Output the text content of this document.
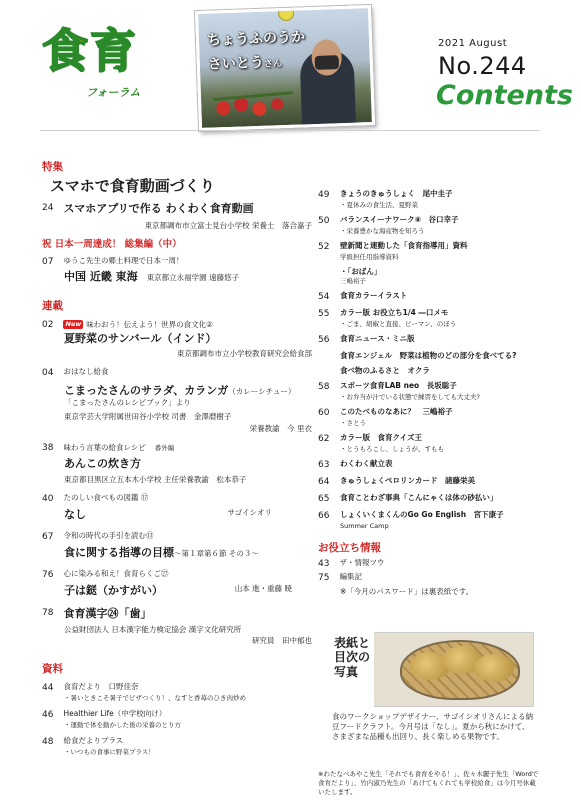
食育
フォーラム
ちょうふのうか
さいとうさん
2021 August
No.244
Contents
特集
スマホで食育動画づくり
24 スマホアプリで作る わくわく食育動画
東京都調布市立富士見台小学校 栄養士　落合嘉子
祝 日本一周達成！ 総集編（中）
07 ゆうこ先生の郷土料理で日本一周！
中国 近畿 東海　 東京都立永福学園 遠藤悠子
連載
02	New 味わおう！伝えよう！世界の食文化②
夏野菜のサンバール（インド）
東京都調布市立小学校教育研究会給食部
04 おはなし給食
こまったさんのサラダ、カランガ（カレーシチュー）
「こまったさんのレシピブック」より
東京学芸大学附属世田谷小学校 司書　金澤磨樹子
栄養教諭　今 里衣
38 味わう言葉の給食レシピ　 番外編
あんこの炊き方
東京都目黒区立五本木小学校 主任栄養教諭　松本恭子
40 たのしい食べもの図鑑 ⑰
なし	サゴイシオリ
67 令和の時代の手引を読む⑬
食に関する指導の目標～第１章第６節 その３～
76 心に染みる和え！食育らくご㉗
子は鎹（かすがい）	山本 進・重藤 暁
78 食育漢字㉔「歯」
公益財団法人 日本漢字能力検定協会 漢字文化研究所
研究員　田中郁也
資料
44 食育だより　口野佳奈
・暑いときこそ暑子でピザつくり！、なすと香苺のひき肉炒め
46 Healthier Life（中学校向け）
・運動で体を動かした後の栄養のとり方
48 給食だよりプラス
・いつもの食事に野菜プラス！
49 きょうのきゅうしょく　尾中圭子
・夏休みの食生活、夏野菜
50 バランスイーナワーク⑧　谷口幸子
・栄養豊かな海産物を知ろう
52 壁新聞と連動した「食育指導用」資料
学級担任用指導資料
・「おばん」
三嶋裕子
54 食育カラーイラスト
55 カラー版 お役立ち1/4 ―口メモ
・ごま、胡椒と直接、ピーマン、のぼう
56 食育ニュース・ミニ版
食育エンジェル　野菜は植物のどの部分を食べてる?
食べ物のふるさと　オクラ
58 スポーツ食育LAB neo　長坂聡子
・お弁当が汁でいる状態で練習をしても大丈夫?
60 このたべものなあに？　三嶋裕子
・さとう
62 カラー版　食育クイズ王
・とうもろこし、しょうが、すもも
63 わくわく献立表
64 きゅうしょくぺロリンカード　諸藤栄美
65 食育ことわざ事典「こんにゃくは体の砂払い」
66 しょくいくまくんのGo Go English　宮下康子
Summer Camp
お役立ち情報
43 ザ・情報ツウ
75 編集記
※「今月のパスワード」は裏表紙です。
表紙と目次の写真
食のワークショップデザイナー、サゴイシオリさんによる納豆フードクラフト。今月号は「なし」。夏から秋にかけて、さまざまな品種も出回り、長く楽しめる果物です。
※わたなべあやこ先生「それでも食育をやる！」、佐々木麗子先生「Wordで食育だより」、竹内淑乃先生の「あけてもくれても学校給食」は今月号休載いたします。
